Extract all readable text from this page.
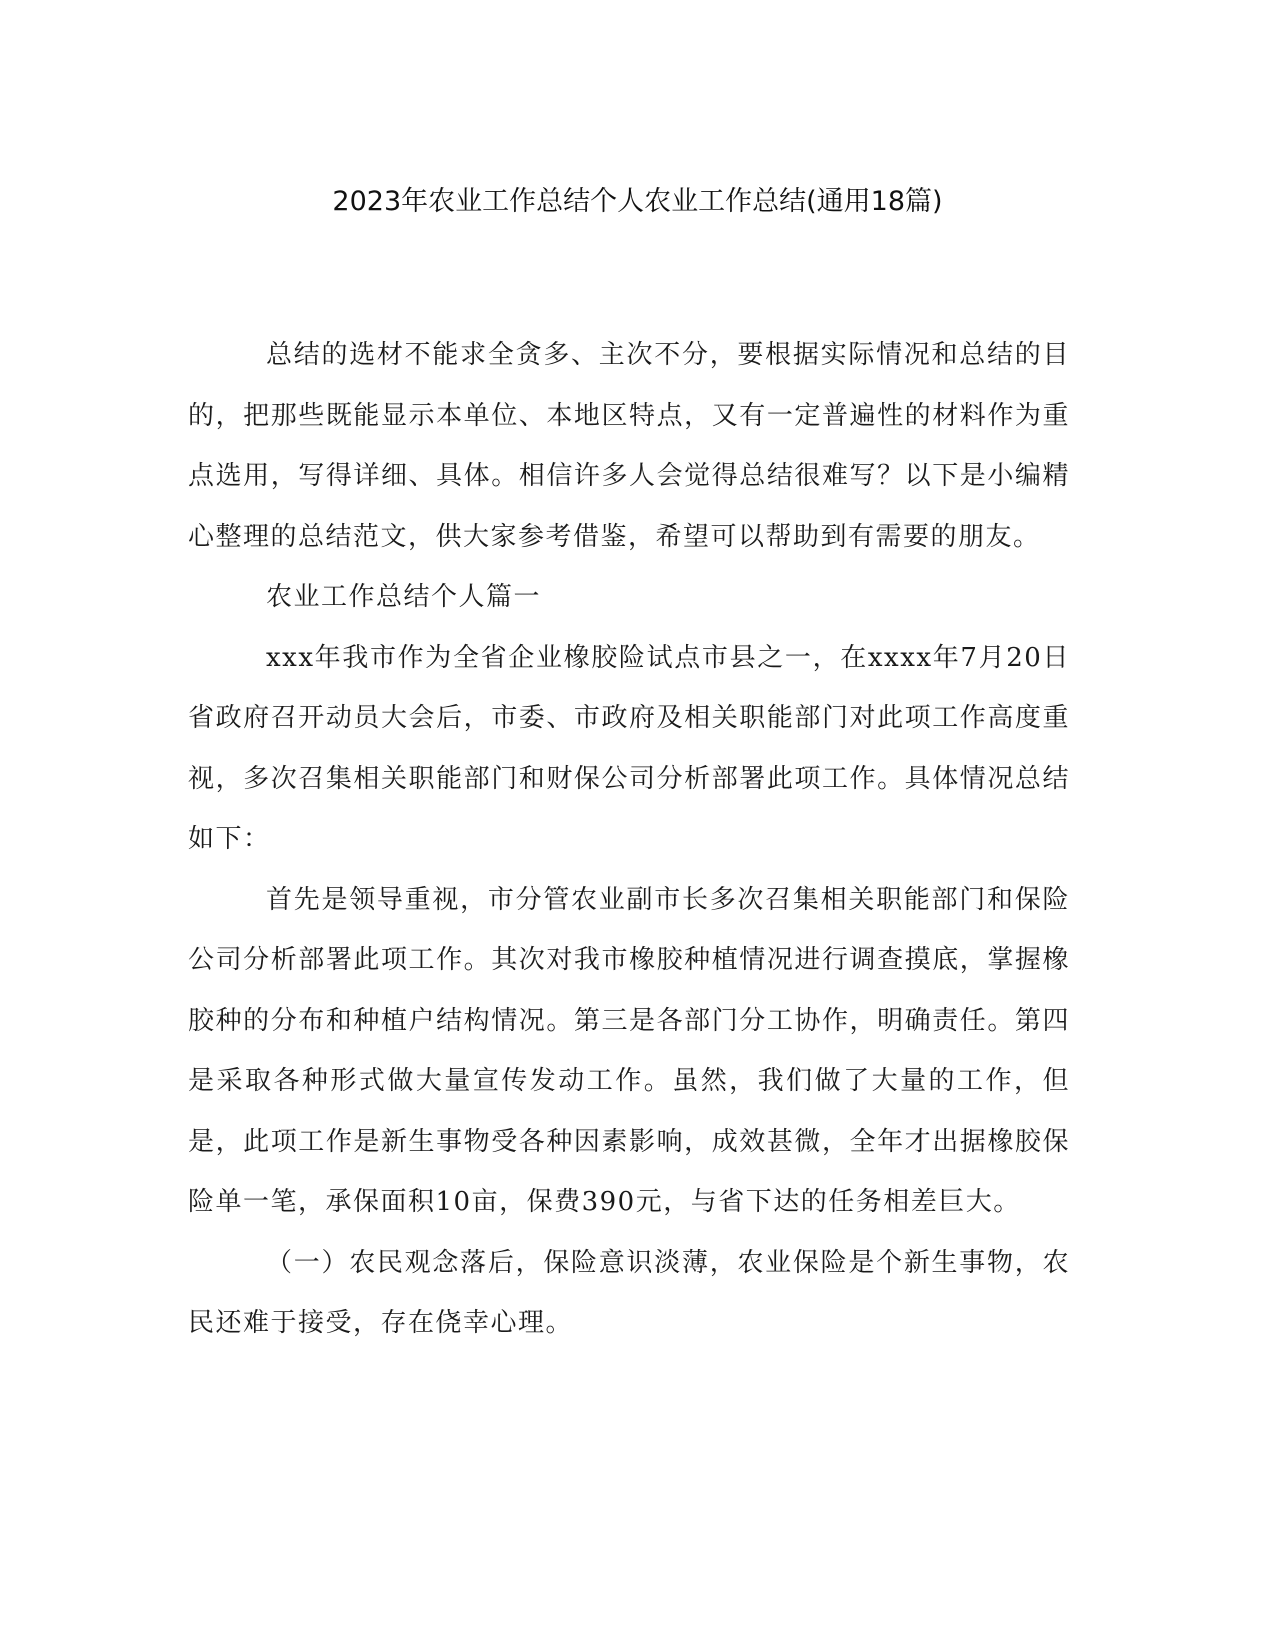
2023年农业工作总结个人农业工作总结(通用18篇)

总结的选材不能求全贪多、主次不分，要根据实际情况和总结的目的，把那些既能显示本单位、本地区特点，又有一定普遍性的材料作为重点选用，写得详细、具体。相信许多人会觉得总结很难写？以下是小编精心整理的总结范文，供大家参考借鉴，希望可以帮助到有需要的朋友。

农业工作总结个人篇一

xxx年我市作为全省企业橡胶险试点市县之一，在xxxx年7月20日省政府召开动员大会后，市委、市政府及相关职能部门对此项工作高度重视，多次召集相关职能部门和财保公司分析部署此项工作。具体情况总结如下：

首先是领导重视，市分管农业副市长多次召集相关职能部门和保险公司分析部署此项工作。其次对我市橡胶种植情况进行调查摸底，掌握橡胶种的分布和种植户结构情况。第三是各部门分工协作，明确责任。第四是采取各种形式做大量宣传发动工作。虽然，我们做了大量的工作，但是，此项工作是新生事物受各种因素影响，成效甚微，全年才出据橡胶保险单一笔，承保面积10亩，保费390元，与省下达的任务相差巨大。

（一）农民观念落后，保险意识淡薄，农业保险是个新生事物，农民还难于接受，存在侥幸心理。
